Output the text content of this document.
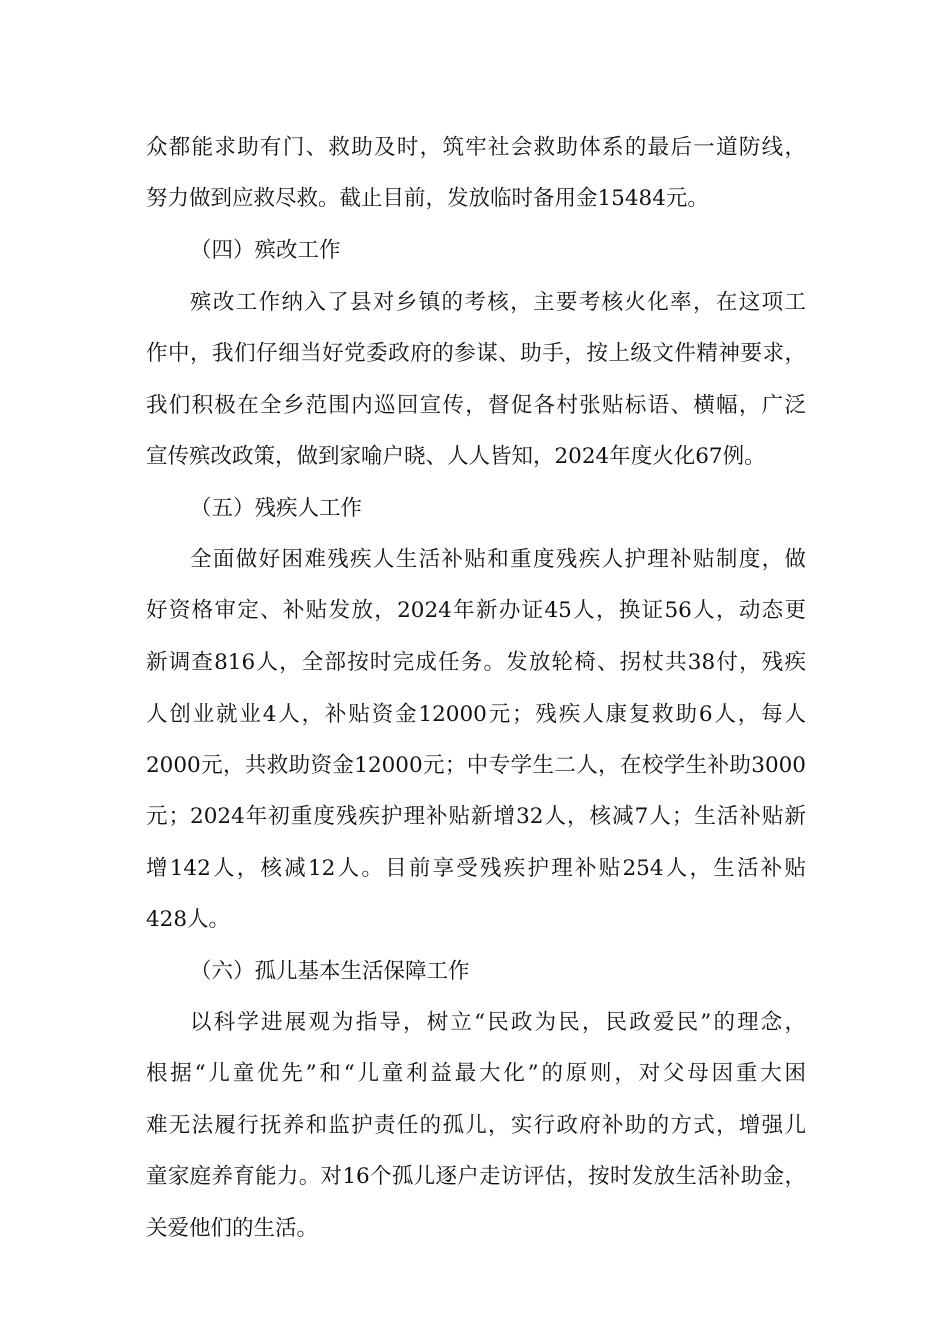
众都能求助有门、救助及时，筑牢社会救助体系的最后一道防线，
努力做到应救尽救。截止目前，发放临时备用金15484元。
（四）殡改工作
殡改工作纳入了县对乡镇的考核，主要考核火化率，在这项工
作中，我们仔细当好党委政府的参谋、助手，按上级文件精神要求，
我们积极在全乡范围内巡回宣传，督促各村张贴标语、横幅，广泛
宣传殡改政策，做到家喻户晓、人人皆知，2024年度火化67例。
（五）残疾人工作
全面做好困难残疾人生活补贴和重度残疾人护理补贴制度，做
好资格审定、补贴发放，2024年新办证45人，换证56人，动态更
新调查816人，全部按时完成任务。发放轮椅、拐杖共38付，残疾
人创业就业4人，补贴资金12000元；残疾人康复救助6人，每人
2000元，共救助资金12000元；中专学生二人，在校学生补助3000
元；2024年初重度残疾护理补贴新增32人，核减7人；生活补贴新
增142人，核减12人。目前享受残疾护理补贴254人，生活补贴
428人。
（六）孤儿基本生活保障工作
以科学进展观为指导，树立“民政为民，民政爱民”的理念，
根据“儿童优先”和“儿童利益最大化”的原则，对父母因重大困
难无法履行抚养和监护责任的孤儿，实行政府补助的方式，增强儿
童家庭养育能力。对16个孤儿逐户走访评估，按时发放生活补助金，
关爱他们的生活。
